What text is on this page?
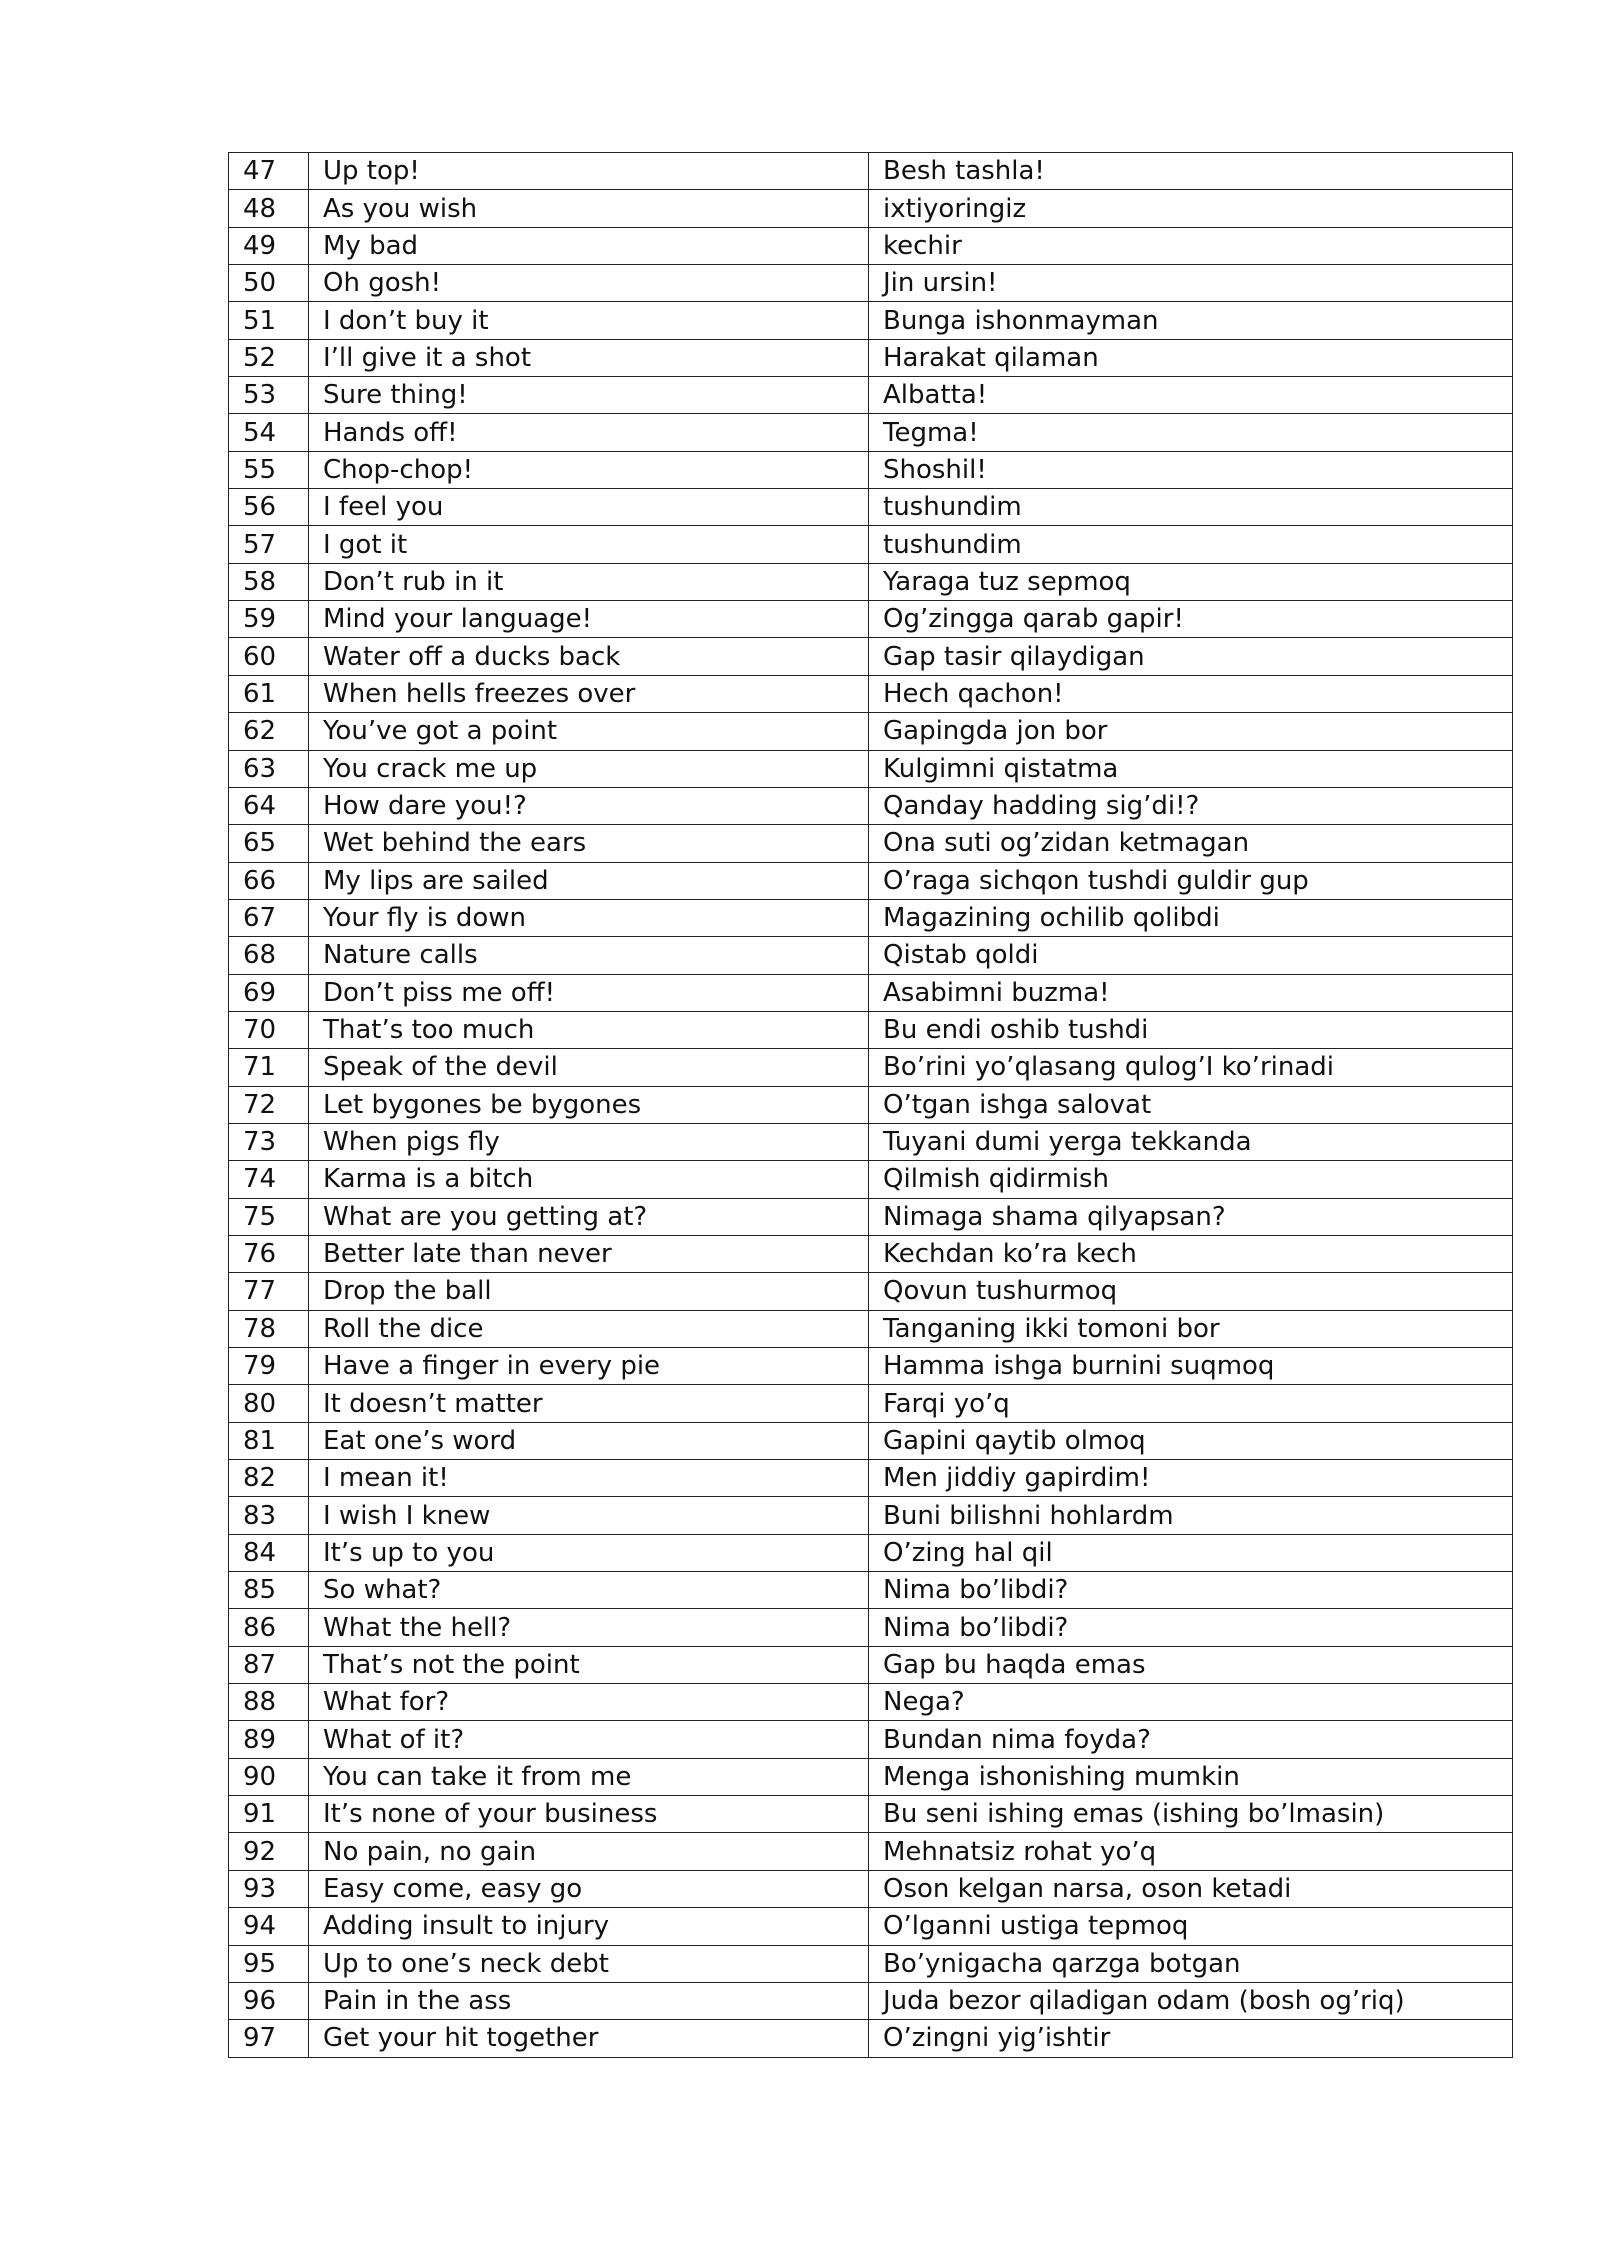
47	Up top!	Besh tashla!
48	As you wish	ixtiyoringiz
49	My bad	kechir
50	Oh gosh!	Jin ursin!
51	I don’t buy it	Bunga ishonmayman
52	I’ll give it a shot	Harakat qilaman
53	Sure thing!	Albatta!
54	Hands off!	Tegma!
55	Chop-chop!	Shoshil!
56	I feel you	tushundim
57	I got it	tushundim
58	Don’t rub in it	Yaraga tuz sepmoq
59	Mind your language!	Og’zingga qarab gapir!
60	Water off a ducks back	Gap tasir qilaydigan
61	When hells freezes over	Hech qachon!
62	You’ve got a point	Gapingda jon bor
63	You crack me up	Kulgimni qistatma
64	How dare you!?	Qanday hadding sig’di!?
65	Wet behind the ears	Ona suti og’zidan ketmagan
66	My lips are sailed	O’raga sichqon tushdi guldir gup
67	Your fly is down	Magazining ochilib qolibdi
68	Nature calls	Qistab qoldi
69	Don’t piss me off!	Asabimni buzma!
70	That’s too much	Bu endi oshib tushdi
71	Speak of the devil	Bo’rini yo’qlasang qulog’I ko’rinadi
72	Let bygones be bygones	O’tgan ishga salovat
73	When pigs fly	Tuyani dumi yerga tekkanda
74	Karma is a bitch	Qilmish qidirmish
75	What are you getting at?	Nimaga shama qilyapsan?
76	Better late than never	Kechdan ko’ra kech
77	Drop the ball	Qovun tushurmoq
78	Roll the dice	Tanganing ikki tomoni bor
79	Have a finger in every pie	Hamma ishga burnini suqmoq
80	It doesn’t matter	Farqi yo’q
81	Eat one’s word	Gapini qaytib olmoq
82	I mean it!	Men jiddiy gapirdim!
83	I wish I knew	Buni bilishni hohlardm
84	It’s up to you	O’zing hal qil
85	So what?	Nima bo’libdi?
86	What the hell?	Nima bo’libdi?
87	That’s not the point	Gap bu haqda emas
88	What for?	Nega?
89	What of it?	Bundan nima foyda?
90	You can take it from me	Menga ishonishing mumkin
91	It’s none of your business	Bu seni ishing emas (ishing bo’lmasin)
92	No pain, no gain	Mehnatsiz rohat yo’q
93	Easy come, easy go	Oson kelgan narsa, oson ketadi
94	Adding insult to injury	O’lganni ustiga tepmoq
95	Up to one’s neck debt	Bo’ynigacha qarzga botgan
96	Pain in the ass	Juda bezor qiladigan odam (bosh og’riq)
97	Get your hit together	O’zingni yig’ishtir
